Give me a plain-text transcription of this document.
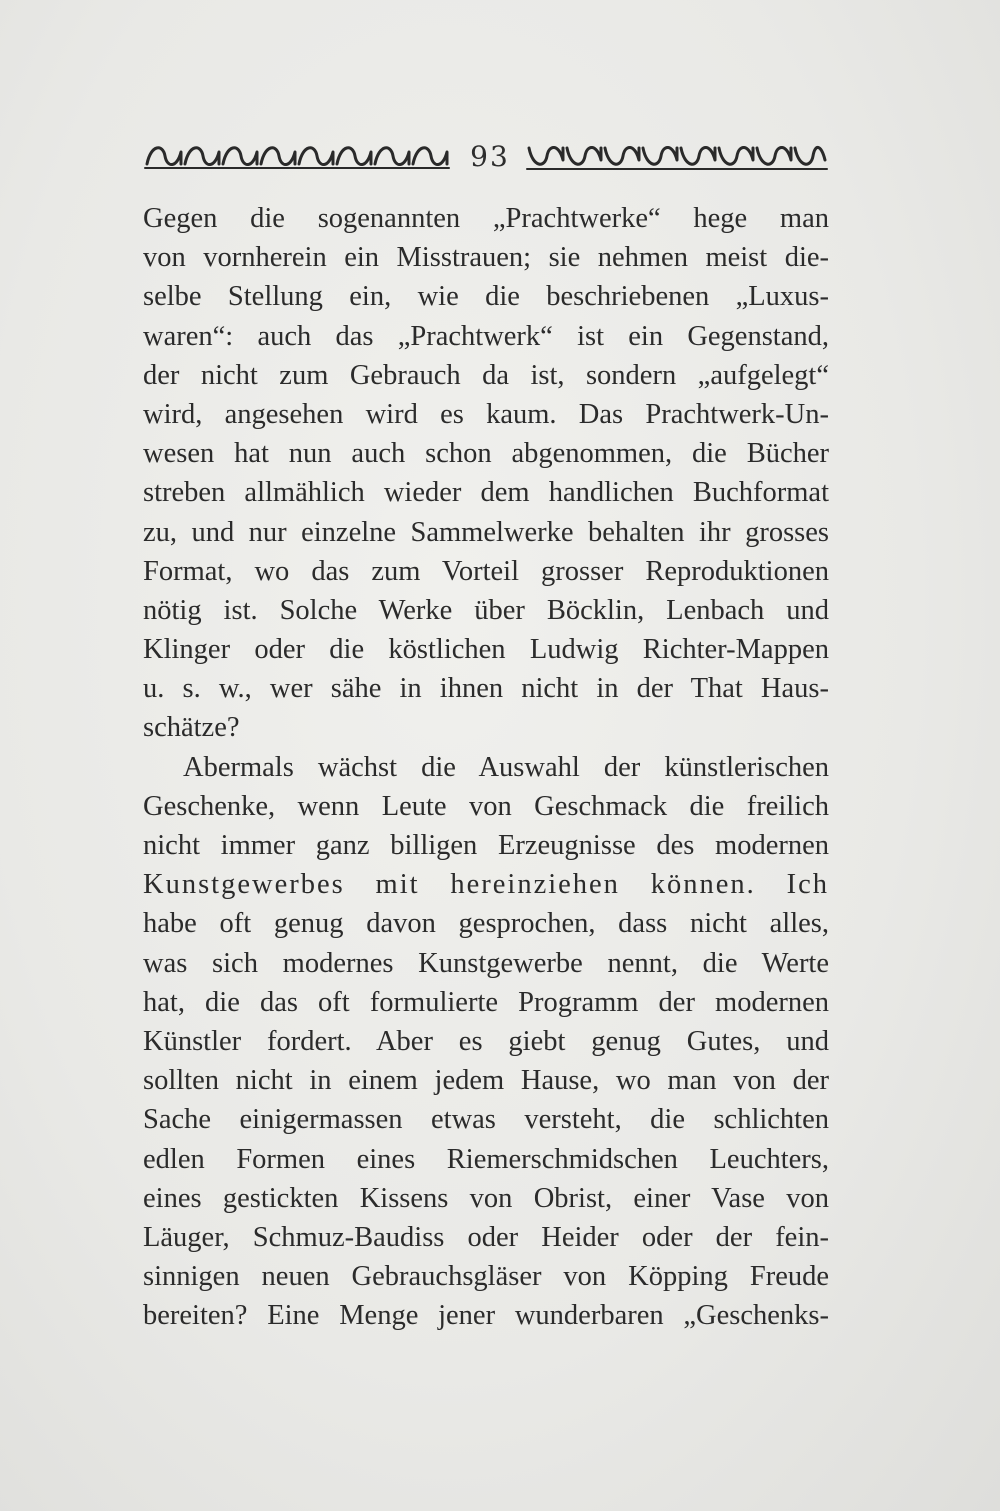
93
Gegen die sogenannten „Prachtwerke“ hege man
von vornherein ein Misstrauen; sie nehmen meist die-
selbe Stellung ein, wie die beschriebenen „Luxus-
waren“: auch das „Prachtwerk“ ist ein Gegenstand,
der nicht zum Gebrauch da ist, sondern „aufgelegt“
wird, angesehen wird es kaum. Das Prachtwerk-Un-
wesen hat nun auch schon abgenommen, die Bücher
streben allmählich wieder dem handlichen Buchformat
zu, und nur einzelne Sammelwerke behalten ihr grosses
Format, wo das zum Vorteil grosser Reproduktionen
nötig ist. Solche Werke über Böcklin, Lenbach und
Klinger oder die köstlichen Ludwig Richter-Mappen
u. s. w., wer sähe in ihnen nicht in der That Haus-
schätze?
Abermals wächst die Auswahl der künstlerischen
Geschenke, wenn Leute von Geschmack die freilich
nicht immer ganz billigen Erzeugnisse des modernen
Kunstgewerbes mit hereinziehen können. Ich
habe oft genug davon gesprochen, dass nicht alles,
was sich modernes Kunstgewerbe nennt, die Werte
hat, die das oft formulierte Programm der modernen
Künstler fordert. Aber es giebt genug Gutes, und
sollten nicht in einem jedem Hause, wo man von der
Sache einigermassen etwas versteht, die schlichten
edlen Formen eines Riemerschmidschen Leuchters,
eines gestickten Kissens von Obrist, einer Vase von
Läuger, Schmuz-Baudiss oder Heider oder der fein-
sinnigen neuen Gebrauchsgläser von Köpping Freude
bereiten? Eine Menge jener wunderbaren „Geschenks-
